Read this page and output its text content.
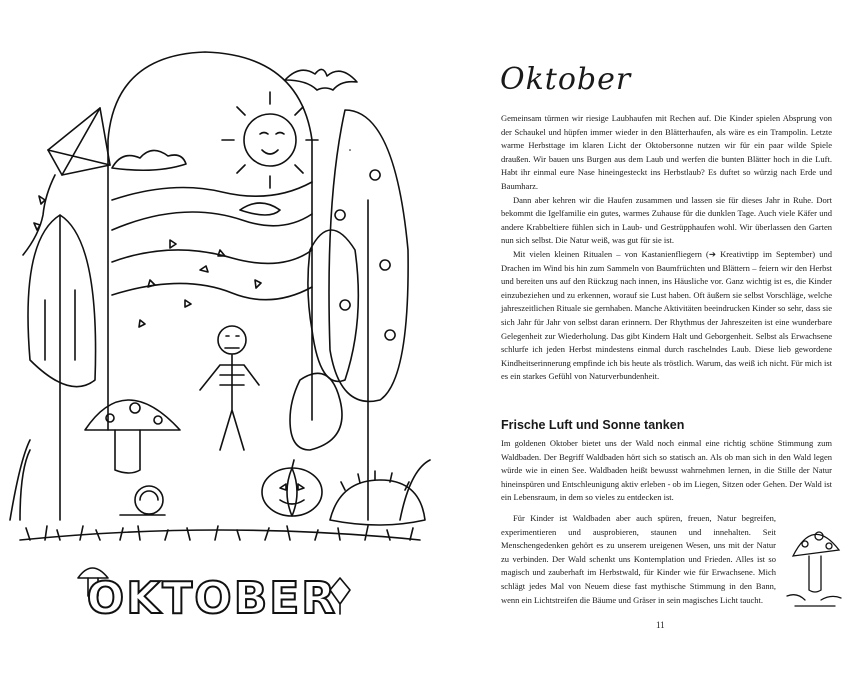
OKTOBER
Oktober

Gemeinsam türmen wir riesige Laubhaufen mit Rechen auf. Die Kinder spielen Absprung von der Schaukel und hüpfen immer wieder in den Blätterhaufen, als wäre es ein Trampolin. Letzte warme Herbsttage im klaren Licht der Oktobersonne nutzen wir für ein paar wilde Spiele draußen. Wir bauen uns Burgen aus dem Laub und werfen die bunten Blätter hoch in die Luft. Habt ihr einmal eure Nase hineingesteckt ins Herbstlaub? Es duftet so würzig nach Erde und Baumharz.

Dann aber kehren wir die Haufen zusammen und lassen sie für dieses Jahr in Ruhe. Dort bekommt die Igelfamilie ein gutes, warmes Zuhause für die dunklen Tage. Auch viele Käfer und andere Krabbeltiere fühlen sich in Laub- und Gestrüpphaufen wohl. Wir überlassen den Garten nun sich selbst. Die Natur weiß, was gut für sie ist.

Mit vielen kleinen Ritualen – von Kastanienfliegern (➔ Kreativtipp im September) und Drachen im Wind bis hin zum Sammeln von Baumfrüchten und Blättern – feiern wir den Herbst und bereiten uns auf den Rückzug nach innen, ins Häusliche vor. Ganz wichtig ist es, die Kinder einzubeziehen und zu erkennen, worauf sie Lust haben. Oft äußern sie selbst Vorschläge, welche jahreszeitlichen Rituale sie gernhaben. Manche Aktivitäten beeindrucken Kinder so sehr, dass sie sich Jahr für Jahr von selbst daran erinnern. Der Rhythmus der Jahreszeiten ist eine wunderbare Gelegenheit zur Wiederholung. Das gibt Kindern Halt und Geborgenheit. Selbst als Erwachsene schlurfe ich jeden Herbst mindestens einmal durch raschelndes Laub. Diese lieb gewordene Kindheitserinnerung empfinde ich bis heute als tröstlich. Warum, das weiß ich nicht. Für mich ist es ein starkes Gefühl von Naturverbundenheit.

Frische Luft und Sonne tanken

Im goldenen Oktober bietet uns der Wald noch einmal eine richtig schöne Stimmung zum Waldbaden. Der Begriff Waldbaden hört sich so statisch an. Als ob man sich in den Wald legen würde wie in einen See. Waldbaden heißt bewusst wahrnehmen lernen, in die Stille der Natur hineinspüren und Entschleunigung aktiv erleben - ob im Liegen, Sitzen oder Gehen. Der Wald ist ein Lebensraum, in dem so vieles zu entdecken ist.

Für Kinder ist Waldbaden aber auch spüren, freuen, Natur begreifen, experimentieren und ausprobieren, staunen und innehalten. Seit Menschengedenken gehört es zu unserem ureigenen Wesen, uns mit der Natur zu verbinden. Der Wald schenkt uns Kontemplation und Frieden. Alles ist so magisch und zauberhaft im Herbstwald, für Kinder wie für Erwachsene. Mich schlägt jedes Mal von Neuem diese fast mythische Stimmung in den Bann, wenn ein Lichtstreifen die Bäume und Gräser in sein magisches Licht taucht.

11
